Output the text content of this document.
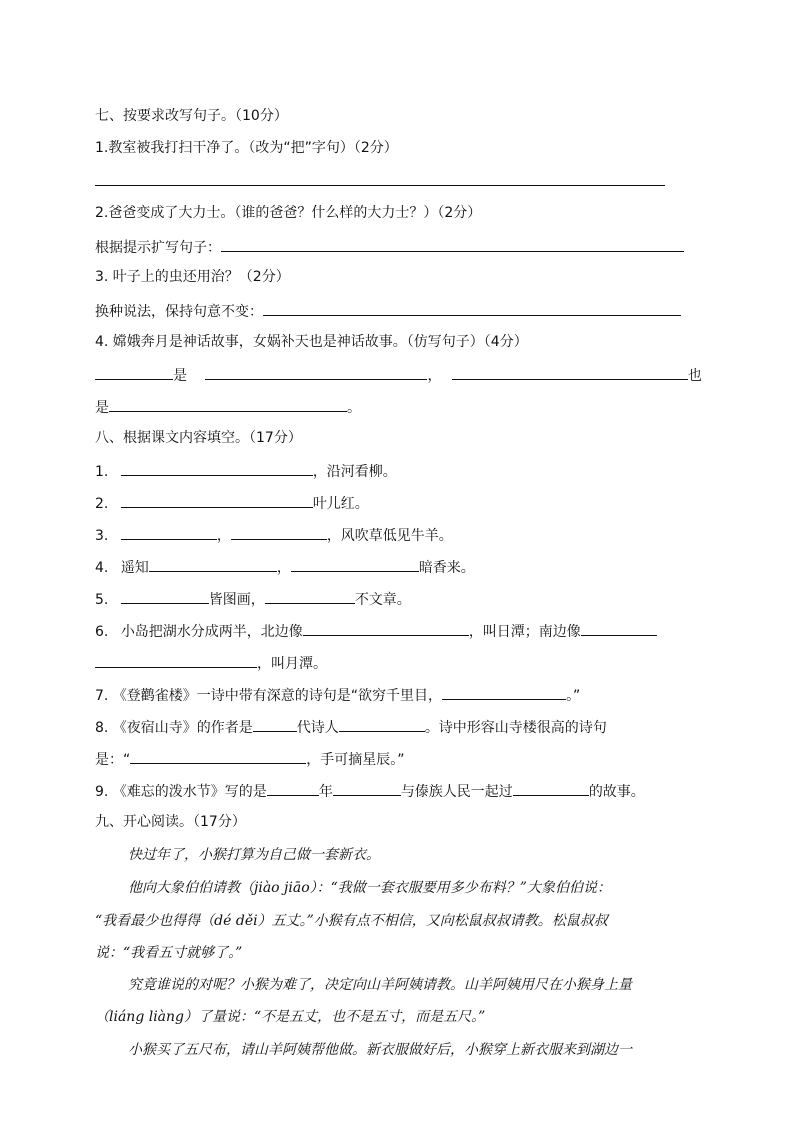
七、按要求改写句子。（10分）
1.教室被我打扫干净了。（改为“把”字句）（2分）
2.爸爸变成了大力士。（谁的爸爸？什么样的大力士？）（2分）
根据提示扩写句子：
3. 叶子上的虫还用治？（2分）
换种说法，保持句意不变：
4. 嫦娥奔月是神话故事，女娲补天也是神话故事。（仿写句子）（4分）
是	，	也
是	。
八、根据课文内容填空。（17分）
1.	，沿河看柳。
2.	叶儿红。
3.	，	，风吹草低见牛羊。
4. 遥知	，	暗香来。
5.	皆图画，	不文章。
6. 小岛把湖水分成两半，北边像	，叫日潭；南边像
，叫月潭。
7. 《登鹳雀楼》一诗中带有深意的诗句是“欲穷千里目，	。”
8. 《夜宿山寺》的作者是	代诗人	。诗中形容山寺楼很高的诗句
是：“	，手可摘星辰。”
9. 《难忘的泼水节》写的是	年	与傣族人民一起过	的故事。
九、开心阅读。（17分）
快过年了，小猴打算为自己做一套新衣。
他向大象伯伯请教（jiào jiāo）：“我做一套衣服要用多少布料？”大象伯伯说：
“我看最少也得得（dé děi）五丈。”小猴有点不相信，又向松鼠叔叔请教。松鼠叔叔
说：“我看五寸就够了。”
究竟谁说的对呢？小猴为难了，决定向山羊阿姨请教。山羊阿姨用尺在小猴身上量
（liáng liàng）了量说：“不是五丈，也不是五寸，而是五尺。”
小猴买了五尺布，请山羊阿姨帮他做。新衣服做好后，小猴穿上新衣服来到湖边一
